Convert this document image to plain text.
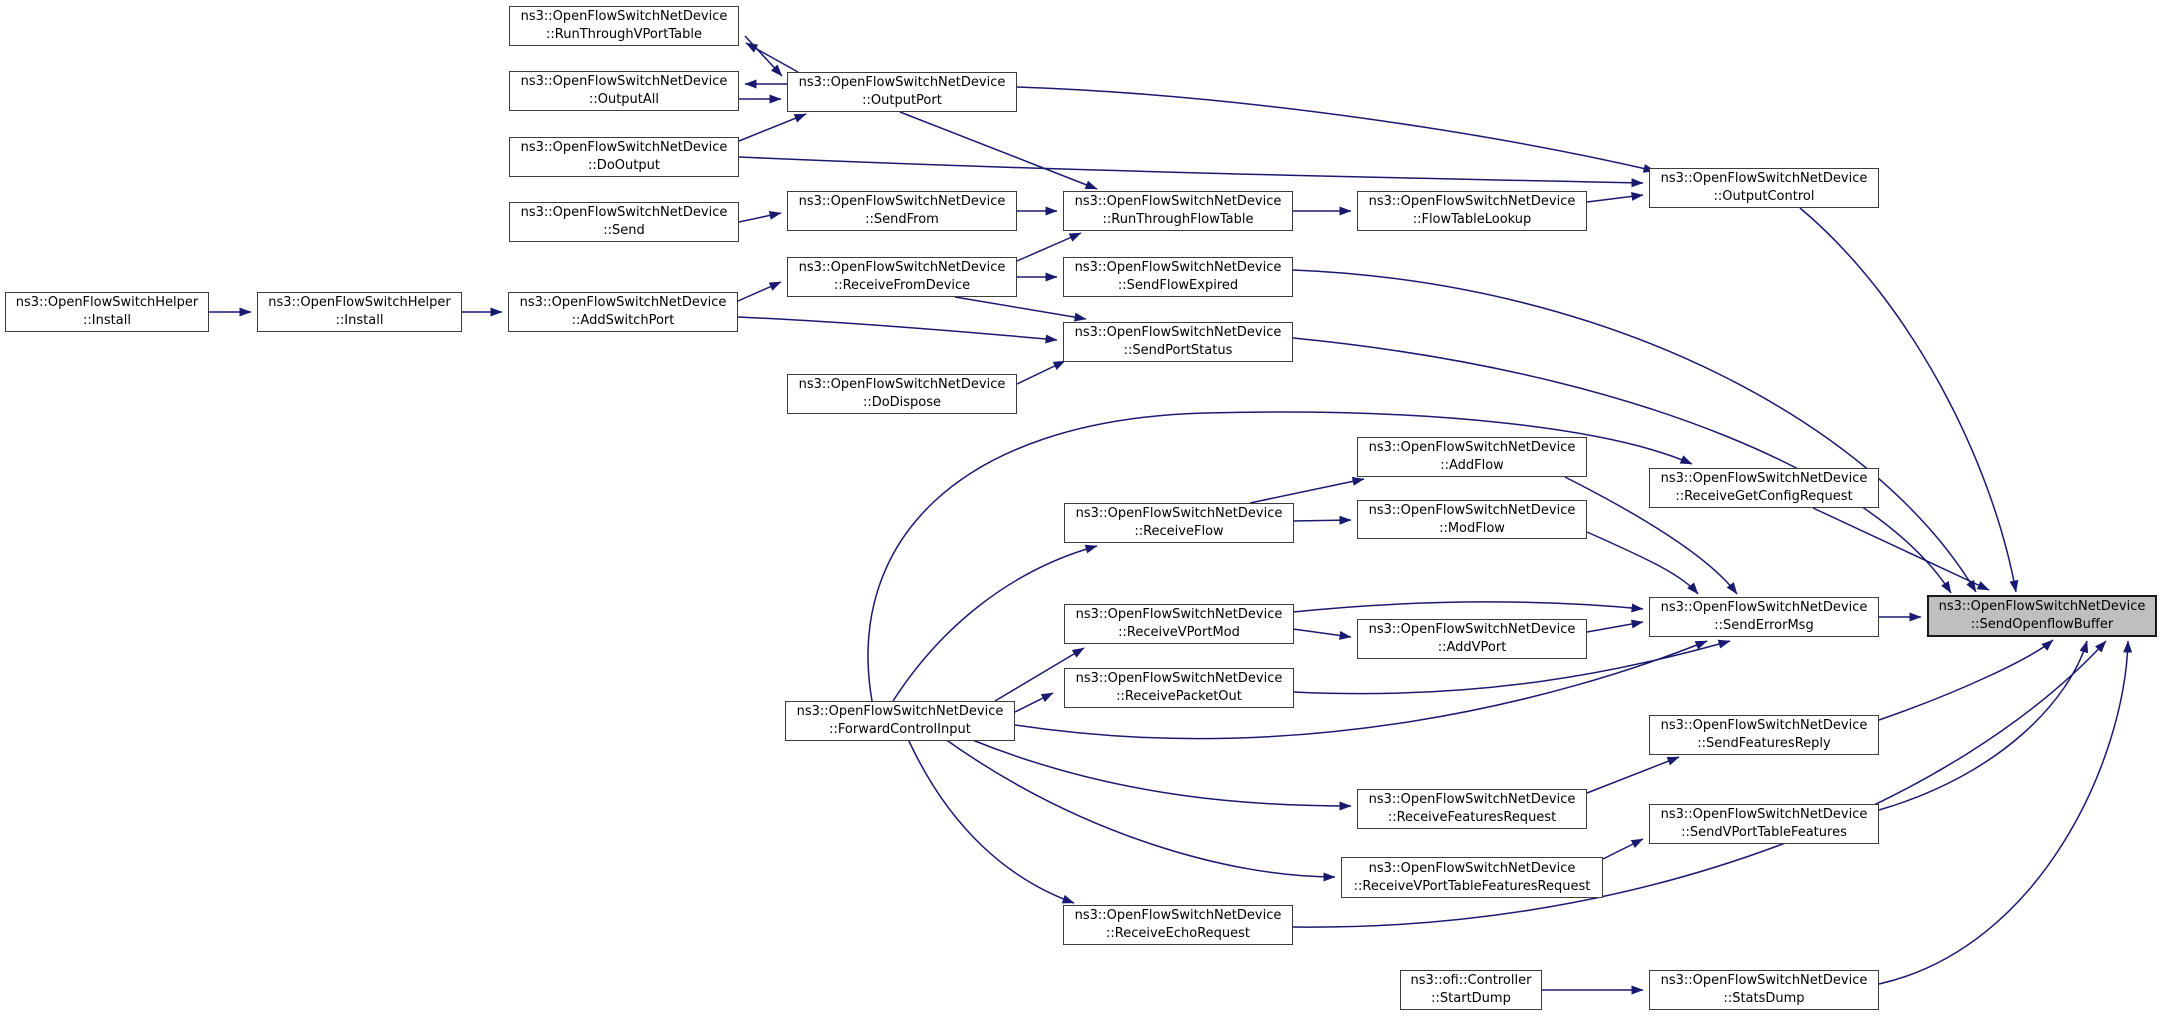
ns3::OpenFlowSwitchHelper
::Install
ns3::OpenFlowSwitchHelper
::Install
ns3::OpenFlowSwitchNetDevice
::RunThroughVPortTable
ns3::OpenFlowSwitchNetDevice
::OutputAll
ns3::OpenFlowSwitchNetDevice
::DoOutput
ns3::OpenFlowSwitchNetDevice
::Send
ns3::OpenFlowSwitchNetDevice
::AddSwitchPort
ns3::OpenFlowSwitchNetDevice
::OutputPort
ns3::OpenFlowSwitchNetDevice
::SendFrom
ns3::OpenFlowSwitchNetDevice
::ReceiveFromDevice
ns3::OpenFlowSwitchNetDevice
::DoDispose
ns3::OpenFlowSwitchNetDevice
::RunThroughFlowTable
ns3::OpenFlowSwitchNetDevice
::SendFlowExpired
ns3::OpenFlowSwitchNetDevice
::SendPortStatus
ns3::OpenFlowSwitchNetDevice
::FlowTableLookup
ns3::OpenFlowSwitchNetDevice
::OutputControl
ns3::OpenFlowSwitchNetDevice
::ReceiveFlow
ns3::OpenFlowSwitchNetDevice
::AddFlow
ns3::OpenFlowSwitchNetDevice
::ModFlow
ns3::OpenFlowSwitchNetDevice
::ReceiveGetConfigRequest
ns3::OpenFlowSwitchNetDevice
::ReceiveVPortMod	ns3::OpenFlowSwitchNetDevice
::AddVPort
ns3::OpenFlowSwitchNetDevice
::SendErrorMsg
ns3::OpenFlowSwitchNetDevice
::ReceivePacketOut
ns3::OpenFlowSwitchNetDevice
::ForwardControlInput	ns3::OpenFlowSwitchNetDevice
::SendFeaturesReply
ns3::OpenFlowSwitchNetDevice
::ReceiveFeaturesRequest	ns3::OpenFlowSwitchNetDevice
::SendVPortTableFeatures
ns3::OpenFlowSwitchNetDevice
::ReceiveVPortTableFeaturesRequest
ns3::OpenFlowSwitchNetDevice
::ReceiveEchoRequest
ns3::ofi::Controller
::StartDump
ns3::OpenFlowSwitchNetDevice
::StatsDump
ns3::OpenFlowSwitchNetDevice
::SendOpenflowBuffer
